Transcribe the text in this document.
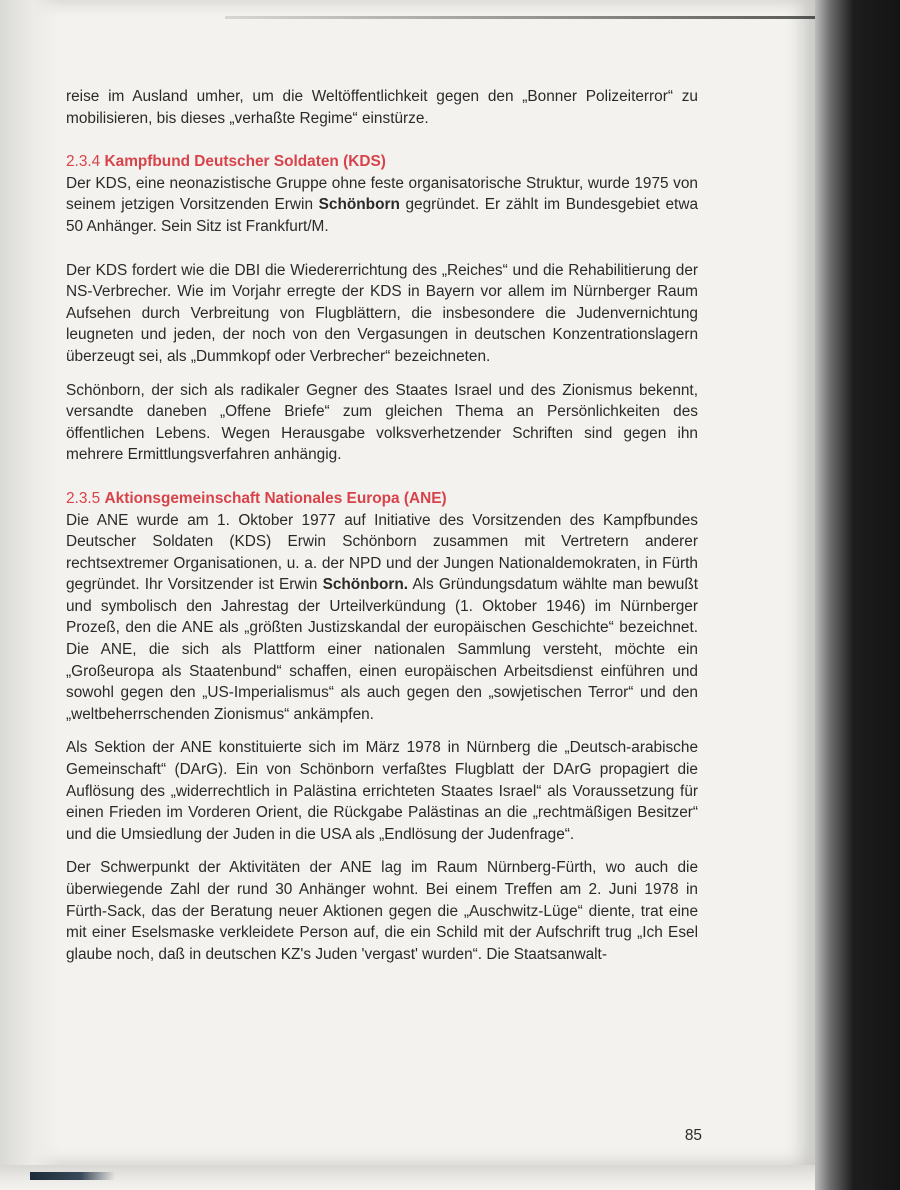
reise im Ausland umher, um die Weltöffentlichkeit gegen den „Bonner Polizeiterror“ zu mobilisieren, bis dieses „verhaßte Regime“ einstürze.

2.3.4 Kampfbund Deutscher Soldaten (KDS)

Der KDS, eine neonazistische Gruppe ohne feste organisatorische Struktur, wurde 1975 von seinem jetzigen Vorsitzenden Erwin Schönborn gegründet. Er zählt im Bundesgebiet etwa 50 Anhänger. Sein Sitz ist Frankfurt/M.

Der KDS fordert wie die DBI die Wiedererrichtung des „Reiches“ und die Rehabilitierung der NS-Verbrecher. Wie im Vorjahr erregte der KDS in Bayern vor allem im Nürnberger Raum Aufsehen durch Verbreitung von Flugblättern, die insbesondere die Judenvernichtung leugneten und jeden, der noch von den Vergasungen in deutschen Konzentrationslagern überzeugt sei, als „Dummkopf oder Verbrecher“ bezeichneten.

Schönborn, der sich als radikaler Gegner des Staates Israel und des Zionismus bekennt, versandte daneben „Offene Briefe“ zum gleichen Thema an Persönlichkeiten des öffentlichen Lebens. Wegen Herausgabe volksverhetzender Schriften sind gegen ihn mehrere Ermittlungsverfahren anhängig.

2.3.5 Aktionsgemeinschaft Nationales Europa (ANE)

Die ANE wurde am 1. Oktober 1977 auf Initiative des Vorsitzenden des Kampfbundes Deutscher Soldaten (KDS) Erwin Schönborn zusammen mit Vertretern anderer rechtsextremer Organisationen, u. a. der NPD und der Jungen Nationaldemokraten, in Fürth gegründet. Ihr Vorsitzender ist Erwin Schönborn. Als Gründungsdatum wählte man bewußt und symbolisch den Jahrestag der Urteilverkündung (1. Oktober 1946) im Nürnberger Prozeß, den die ANE als „größten Justizskandal der europäischen Geschichte“ bezeichnet. Die ANE, die sich als Plattform einer nationalen Sammlung versteht, möchte ein „Großeuropa als Staatenbund“ schaffen, einen europäischen Arbeitsdienst einführen und sowohl gegen den „US-Imperialismus“ als auch gegen den „sowjetischen Terror“ und den „weltbeherrschenden Zionismus“ ankämpfen.

Als Sektion der ANE konstituierte sich im März 1978 in Nürnberg die „Deutsch-arabische Gemeinschaft“ (DArG). Ein von Schönborn verfaßtes Flugblatt der DArG propagiert die Auflösung des „widerrechtlich in Palästina errichteten Staates Israel“ als Voraussetzung für einen Frieden im Vorderen Orient, die Rückgabe Palästinas an die „rechtmäßigen Besitzer“ und die Umsiedlung der Juden in die USA als „Endlösung der Judenfrage“.

Der Schwerpunkt der Aktivitäten der ANE lag im Raum Nürnberg-Fürth, wo auch die überwiegende Zahl der rund 30 Anhänger wohnt. Bei einem Treffen am 2. Juni 1978 in Fürth-Sack, das der Beratung neuer Aktionen gegen die „Auschwitz-Lüge“ diente, trat eine mit einer Eselsmaske verkleidete Person auf, die ein Schild mit der Aufschrift trug „Ich Esel glaube noch, daß in deutschen KZ's Juden 'vergast' wurden“. Die Staatsanwalt-

85
